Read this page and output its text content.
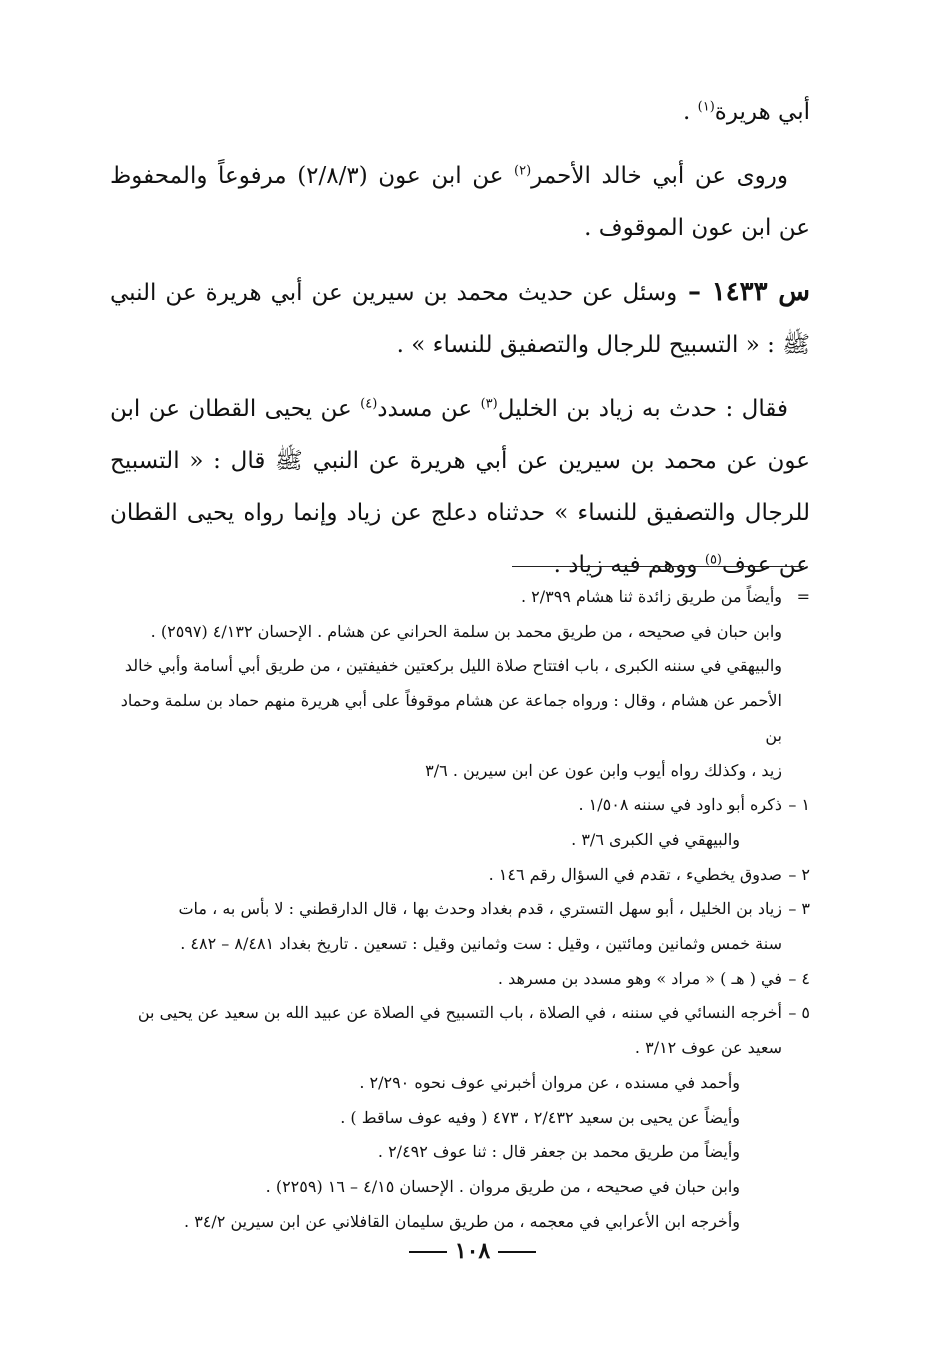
أبي هريرة$^{(١)}$ .

وروى عن أبي خالد الأحمر$^{(٢)}$ عن ابن عون (٢/٨/٣) مرفوعاً والمحفوظ عن ابن عون الموقوف .

س ١٤٣٣ – وسئل عن حديث محمد بن سيرين عن أبي هريرة عن النبي ﷺ : « التسبيح للرجال والتصفيق للنساء » .

فقال : حدث به زياد بن الخليل$^{(٣)}$ عن مسدد$^{(٤)}$ عن يحيى القطان عن ابن عون عن محمد بن سيرين عن أبي هريرة عن النبي ﷺ قال : « التسبيح للرجال والتصفيق للنساء » حدثناه دعلج عن زياد وإنما رواه يحيى القطان عن عوف$^{(٥)}$ ووهم فيه زياد .

=
وأيضاً من طريق زائدة ثنا هشام ٢/٣٩٩ .
وابن حبان في صحيحه ، من طريق محمد بن سلمة الحراني عن هشام . الإحسان ٤/١٣٢ (٢٥٩٧) .
والبيهقي في سننه الكبرى ، باب افتتاح صلاة الليل بركعتين خفيفتين ، من طريق أبي أسامة وأبي خالد
الأحمر عن هشام ، وقال : ورواه جماعة عن هشام موقوفاً على أبي هريرة منهم حماد بن سلمة وحماد بن
زيد ، وكذلك رواه أيوب وابن عون عن ابن سيرين . ٣/٦
١ –
ذكره أبو داود في سننه ١/٥٠٨ .
والبيهقي في الكبرى ٣/٦ .
٢ –
صدوق يخطيء ، تقدم في السؤال رقم ١٤٦ .
٣ –
زياد بن الخليل ، أبو سهل التستري ، قدم بغداد وحدث بها ، قال الدارقطني : لا بأس به ، مات
سنة خمس وثمانين ومائتين ، وقيل : ست وثمانين وقيل : تسعين . تاريخ بغداد ٨/٤٨١ – ٤٨٢ .
٤ –
في ( هـ ) « مراد » وهو مسدد بن مسرهد .
٥ –
أخرجه النسائي في سننه ، في الصلاة ، باب التسبيح في الصلاة عن عبيد الله بن سعيد عن يحيى بن
سعيد عن عوف ٣/١٢ .
وأحمد في مسنده ، عن مروان أخبرني عوف نحوه ٢/٢٩٠ .
وأيضاً عن يحيى بن سعيد ٢/٤٣٢ ، ٤٧٣ ( وفيه عوف ساقط ) .
وأيضاً من طريق محمد بن جعفر قال : ثنا عوف ٢/٤٩٢ .
وابن حبان في صحيحه ، من طريق مروان . الإحسان ٤/١٥ – ١٦ (٢٢٥٩) .
وأخرجه ابن الأعرابي في معجمه ، من طريق سليمان القافلاني عن ابن سيرين ٣٤/٢ .
١٠٨
